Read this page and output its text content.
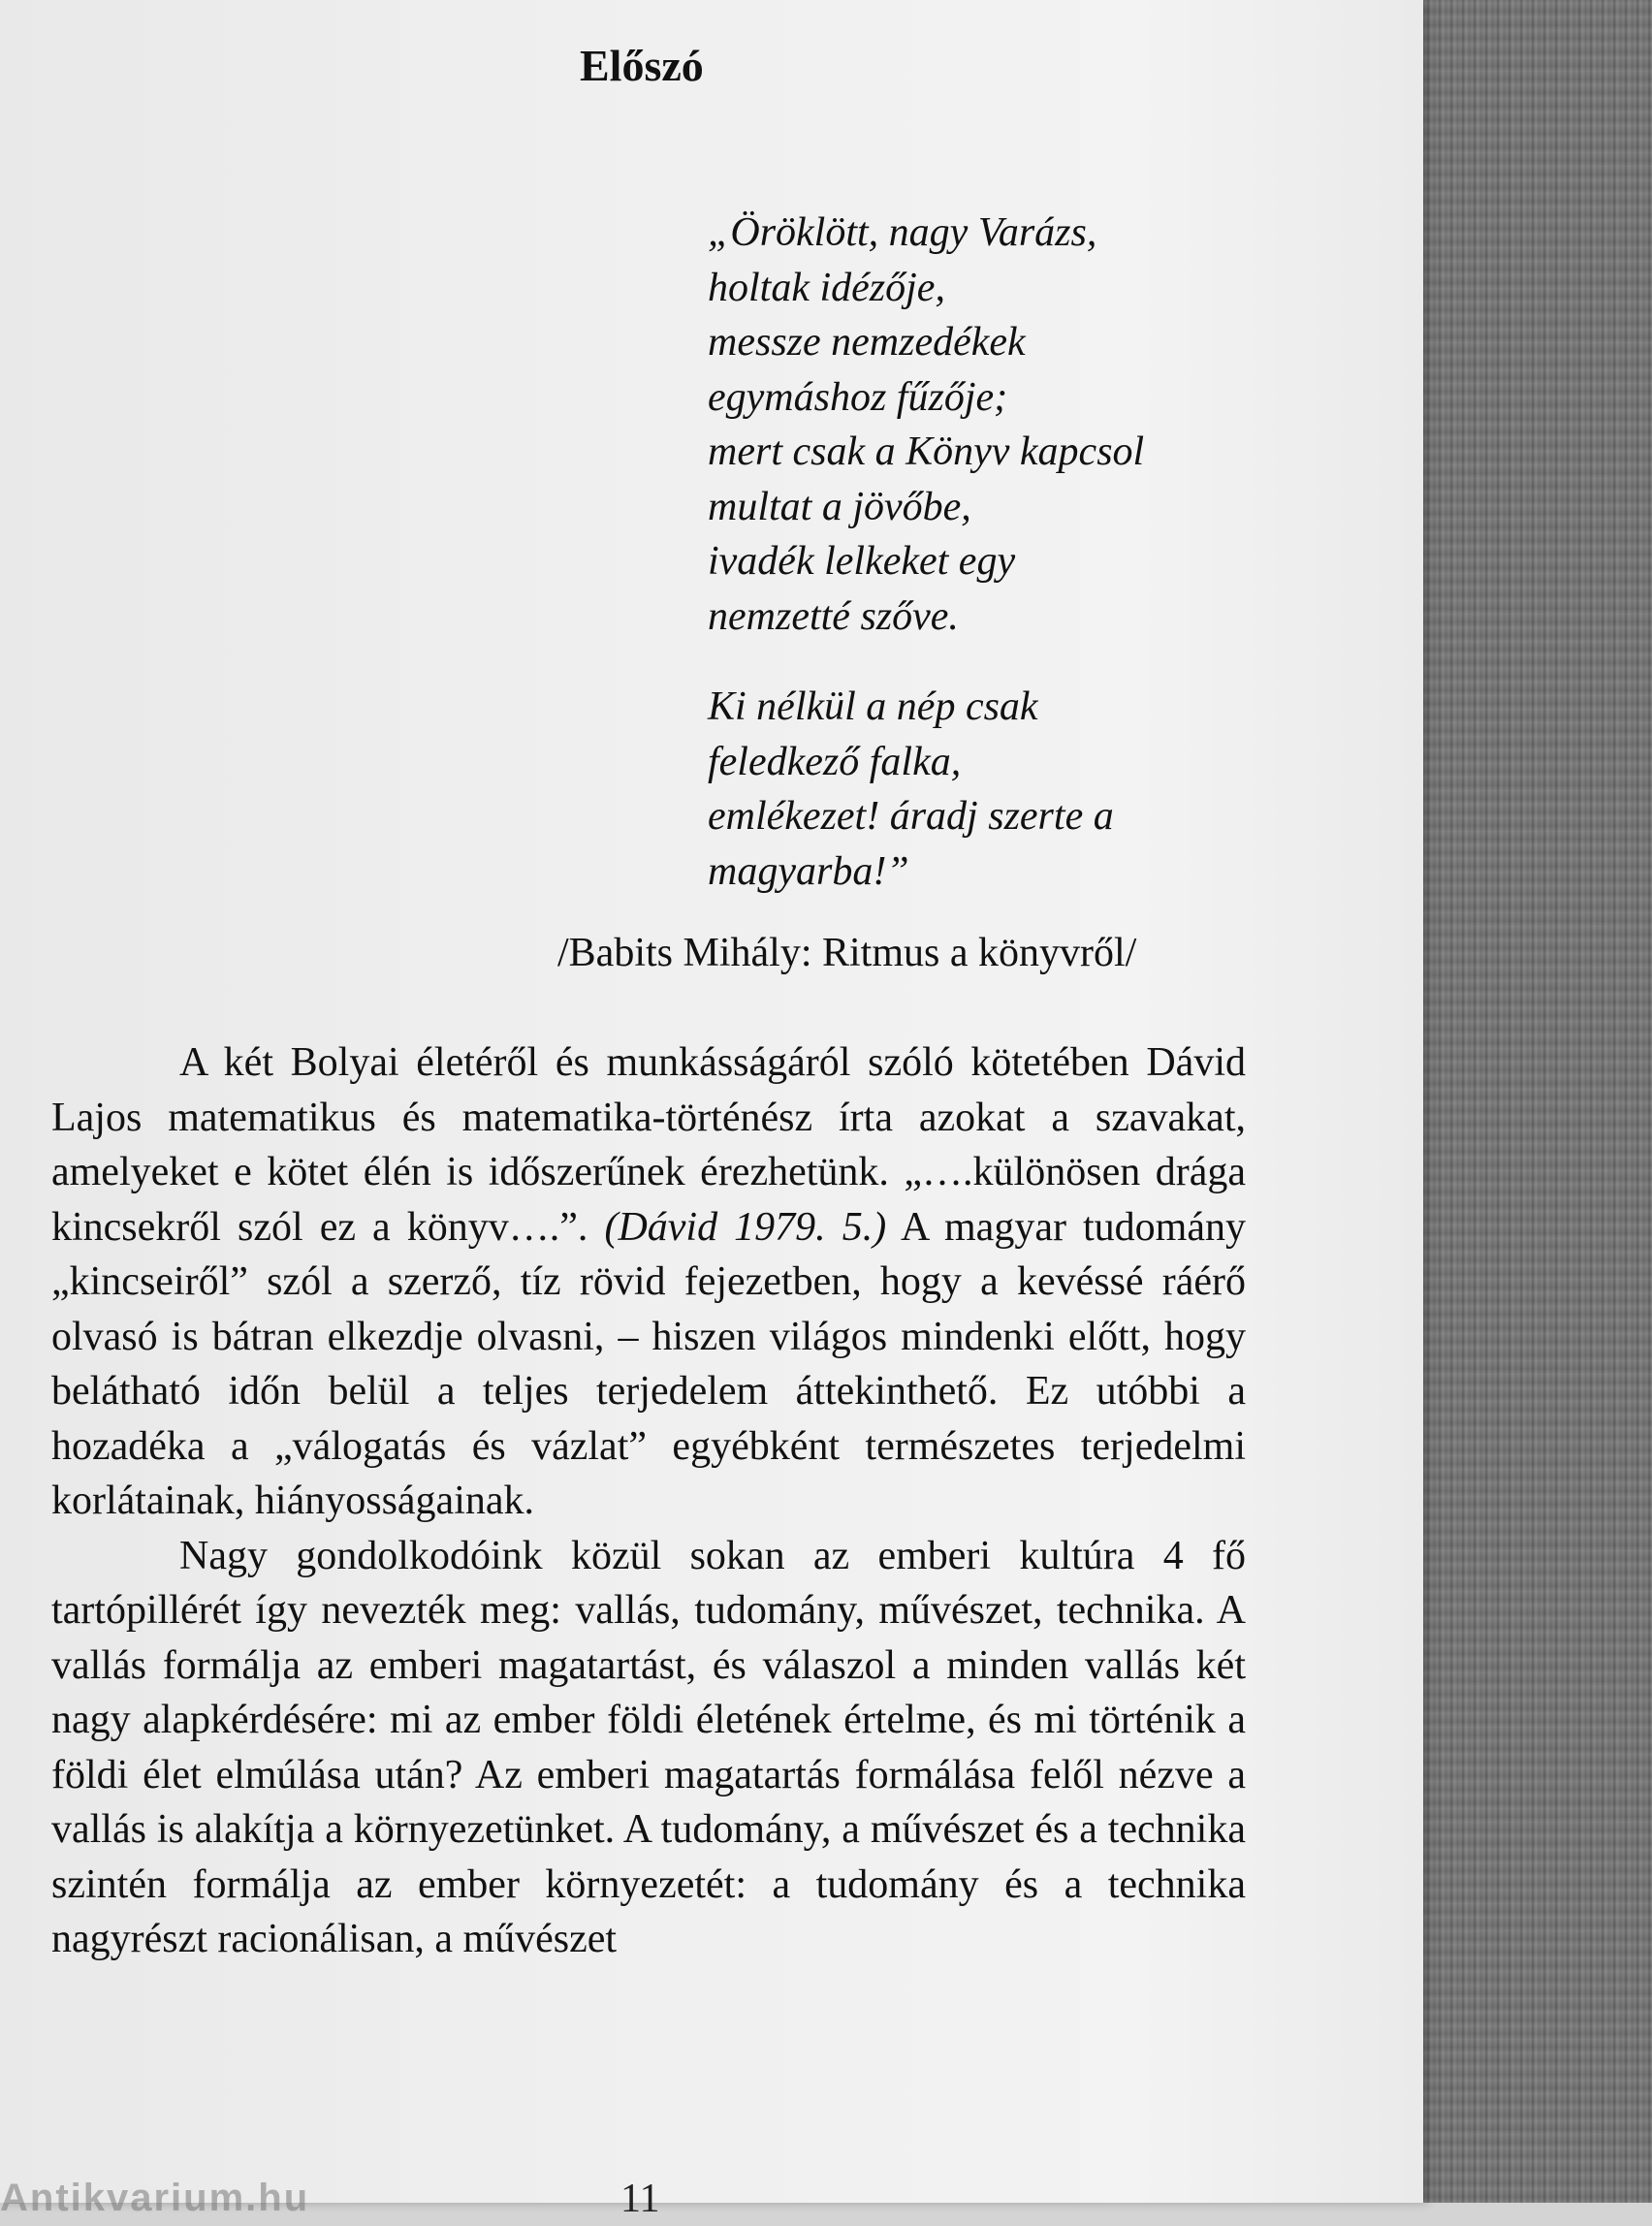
Előszó
„Öröklött, nagy Varázs,
holtak idézője,
messze nemzedékek
egymáshoz fűzője;
mert csak a Könyv kapcsol
multat a jövőbe,
ivadék lelkeket egy
nemzetté szőve.
Ki nélkül a nép csak
feledkező falka,
emlékezet! áradj szerte a
magyarba!”

/Babits Mihály: Ritmus a könyvről/

A két Bolyai életéről és munkásságáról szóló kötetében Dávid Lajos matematikus és matematika-történész írta azokat a szavakat, amelyeket e kötet élén is időszerűnek érezhetünk. „….különösen drága kincsekről szól ez a könyv….”. (Dávid 1979. 5.) A magyar tudomány „kincseiről” szól a szerző, tíz rövid fejezetben, hogy a kevéssé ráérő olvasó is bátran elkezdje olvasni, – hiszen világos mindenki előtt, hogy belátható időn belül a teljes terjedelem áttekinthető. Ez utóbbi a hozadéka a „válogatás és vázlat” egyébként természetes terjedelmi korlátainak, hiányosságainak.

Nagy gondolkodóink közül sokan az emberi kultúra 4 fő tartópillérét így nevezték meg: vallás, tudomány, művészet, technika. A vallás formálja az emberi magatartást, és válaszol a minden vallás két nagy alapkérdésére: mi az ember földi életének értelme, és mi történik a földi élet elmúlása után? Az emberi magatartás formálása felől nézve a vallás is alakítja a környezetünket. A tudomány, a művészet és a technika szintén formálja az ember környezetét: a tudomány és a technika nagyrészt racionálisan, a művészet

11
Antikvarium.hu
